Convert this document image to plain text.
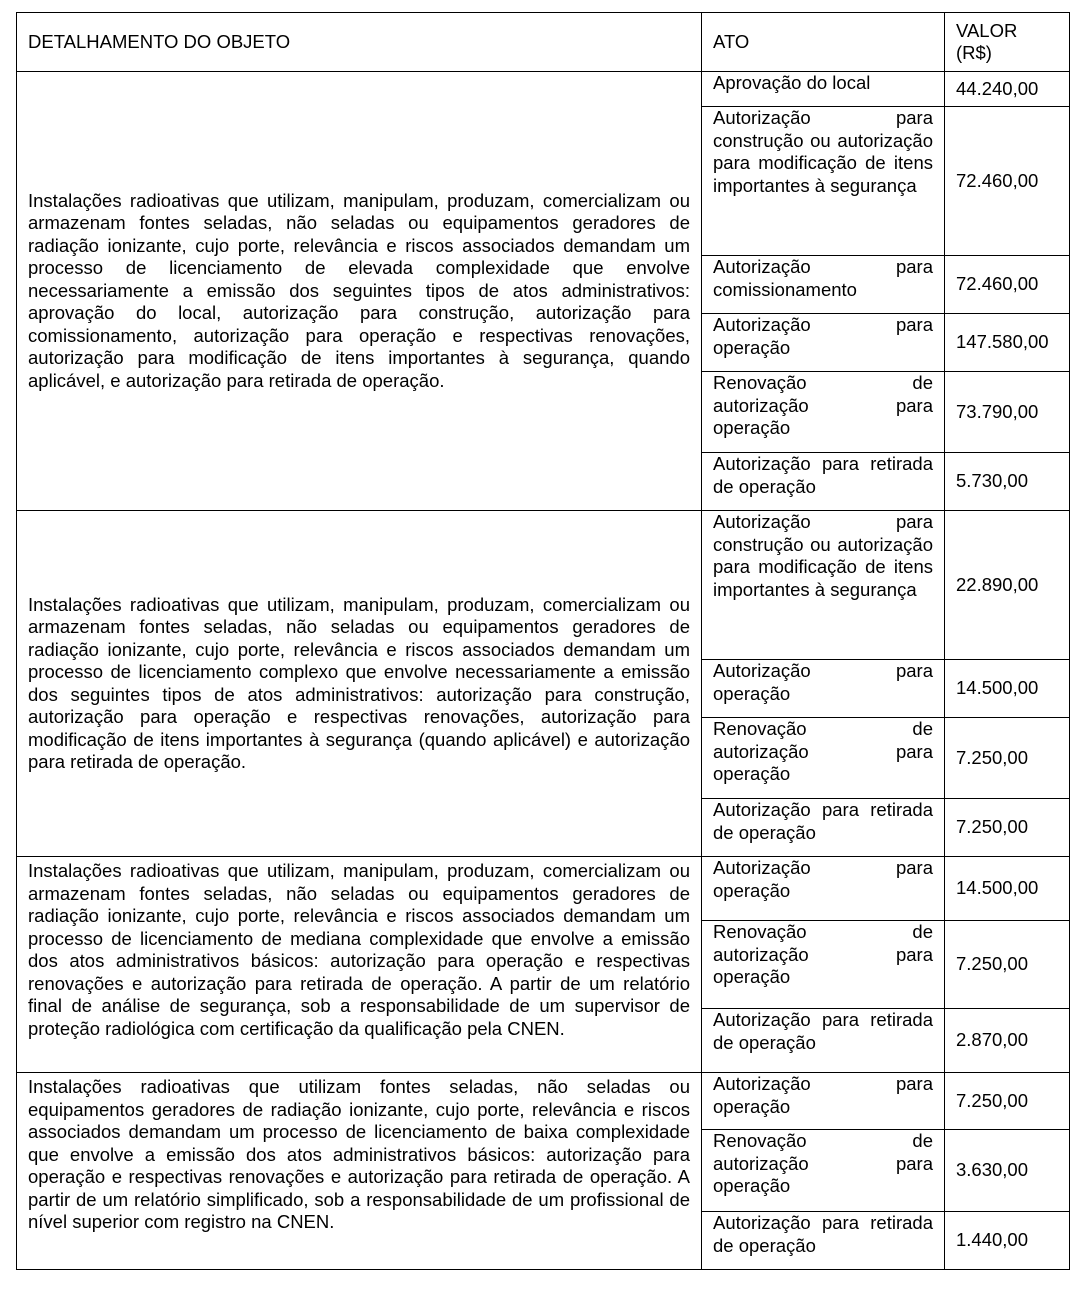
DETALHAMENTO DO OBJETO	ATO	VALOR (R$)
Instalações radioativas que utilizam, manipulam, produzam, comercializam ou armazenam fontes seladas, não seladas ou equipamentos geradores de radiação ionizante, cujo porte, relevância e riscos associados demandam um processo de licenciamento de elevada complexidade que envolve necessariamente a emissão dos seguintes tipos de atos administrativos: aprovação do local, autorização para construção, autorização para comissionamento, autorização para operação e respectivas renovações, autorização para modificação de itens importantes à segurança, quando aplicável, e autorização para retirada de operação.	Aprovação do local	44.240,00
	Autorização para construção ou autorização para modificação de itens importantes à segurança	72.460,00
	Autorização para comissionamento	72.460,00
	Autorização para operação	147.580,00
	Renovação de autorização para operação	73.790,00
	Autorização para retirada de operação	5.730,00
Instalações radioativas que utilizam, manipulam, produzam, comercializam ou armazenam fontes seladas, não seladas ou equipamentos geradores de radiação ionizante, cujo porte, relevância e riscos associados demandam um processo de licenciamento complexo que envolve necessariamente a emissão dos seguintes tipos de atos administrativos: autorização para construção, autorização para operação e respectivas renovações, autorização para modificação de itens importantes à segurança (quando aplicável) e autorização para retirada de operação.	Autorização para construção ou autorização para modificação de itens importantes à segurança	22.890,00
	Autorização para operação	14.500,00
	Renovação de autorização para operação	7.250,00
	Autorização para retirada de operação	7.250,00
Instalações radioativas que utilizam, manipulam, produzam, comercializam ou armazenam fontes seladas, não seladas ou equipamentos geradores de radiação ionizante, cujo porte, relevância e riscos associados demandam um processo de licenciamento de mediana complexidade que envolve a emissão dos atos administrativos básicos: autorização para operação e respectivas renovações e autorização para retirada de operação. A partir de um relatório final de análise de segurança, sob a responsabilidade de um supervisor de proteção radiológica com certificação da qualificação pela CNEN.	Autorização para operação	14.500,00
	Renovação de autorização para operação	7.250,00
	Autorização para retirada de operação	2.870,00
Instalações radioativas que utilizam fontes seladas, não seladas ou equipamentos geradores de radiação ionizante, cujo porte, relevância e riscos associados demandam um processo de licenciamento de baixa complexidade que envolve a emissão dos atos administrativos básicos: autorização para operação e respectivas renovações e autorização para retirada de operação. A partir de um relatório simplificado, sob a responsabilidade de um profissional de nível superior com registro na CNEN.	Autorização para operação	7.250,00
	Renovação de autorização para operação	3.630,00
	Autorização para retirada de operação	1.440,00
